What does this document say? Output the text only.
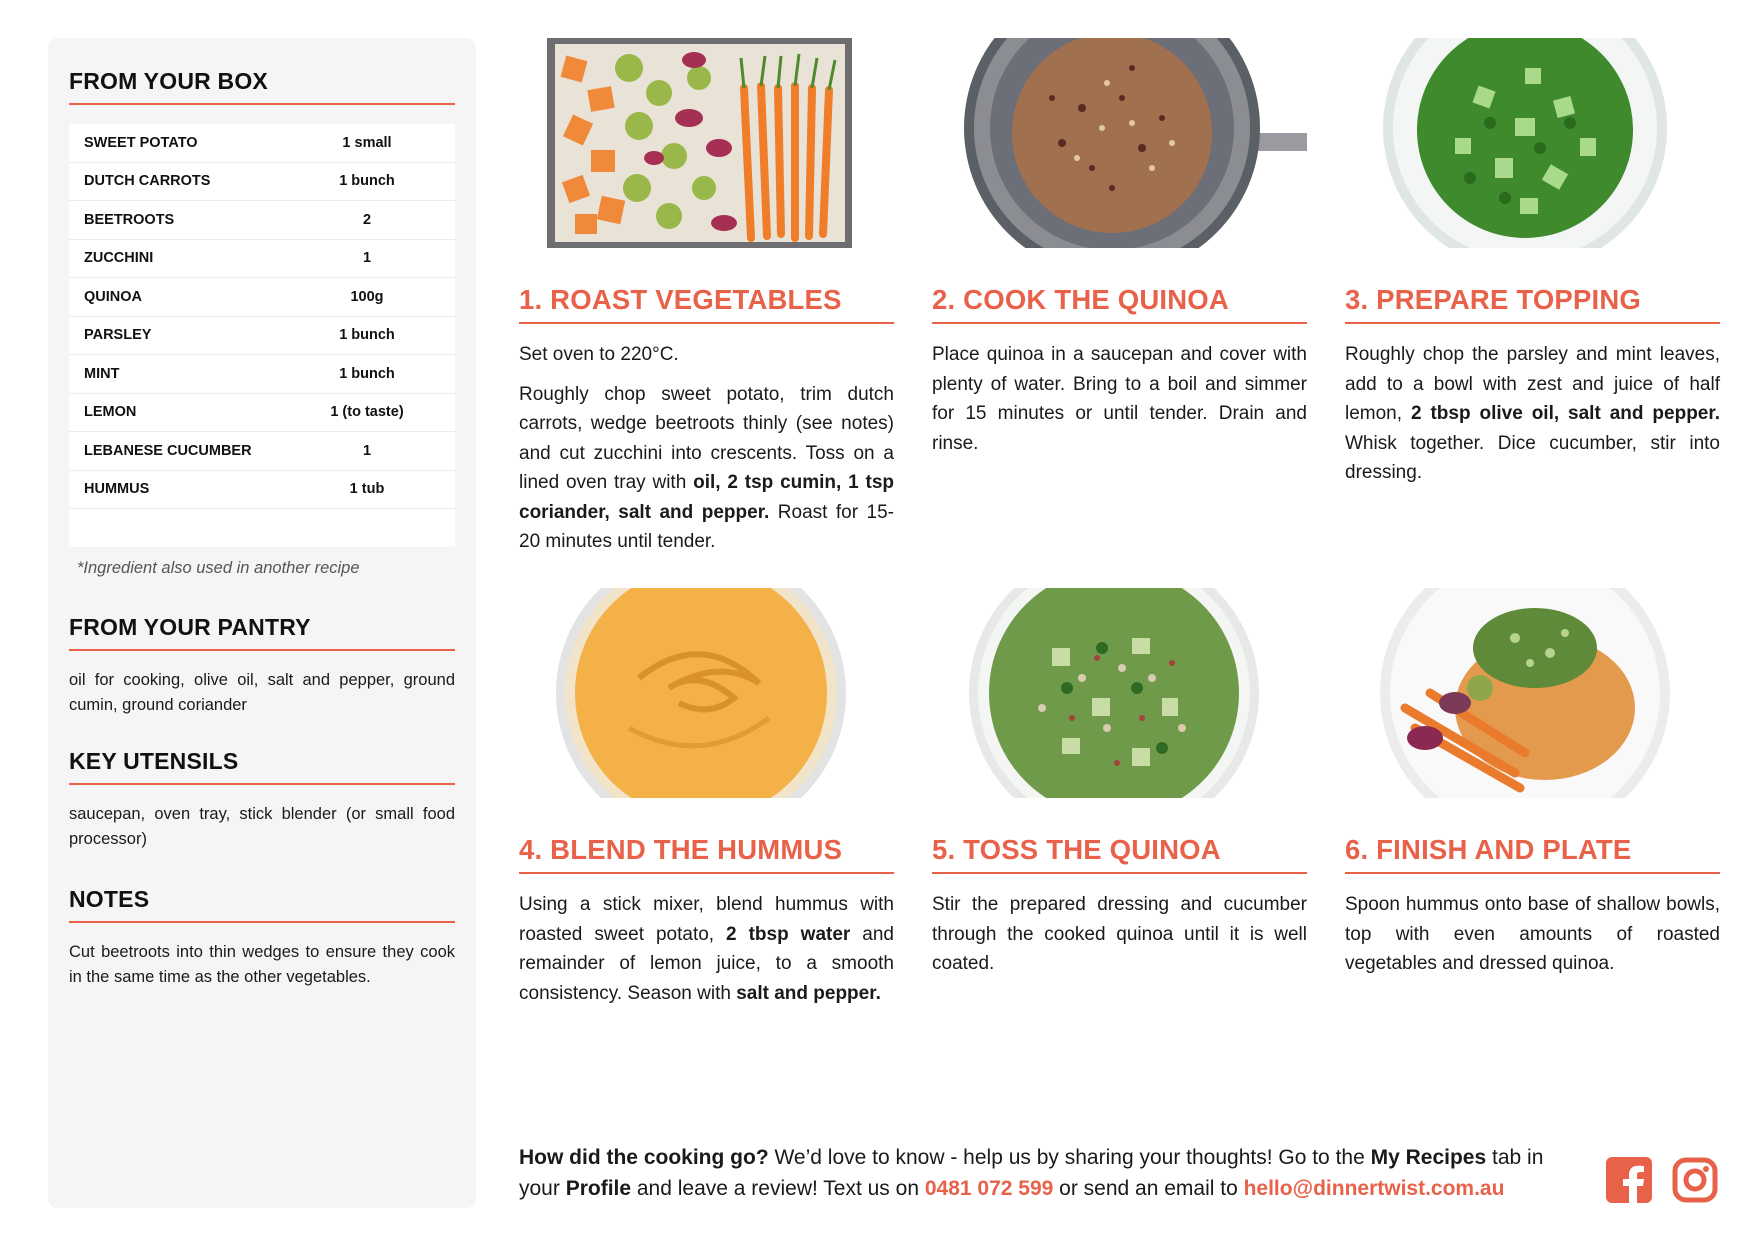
FROM YOUR BOX
SWEET POTATO	1 small
DUTCH CARROTS	1 bunch
BEETROOTS	2
ZUCCHINI	1
QUINOA	100g
PARSLEY	1 bunch
MINT	1 bunch
LEMON	1 (to taste)
LEBANESE CUCUMBER	1
HUMMUS	1 tub
*Ingredient also used in another recipe
FROM YOUR PANTRY
oil for cooking, olive oil, salt and pepper, ground cumin, ground coriander
KEY UTENSILS
saucepan, oven tray, stick blender (or small food processor)
NOTES
Cut beetroots into thin wedges to ensure they cook in the same time as the other vegetables.
1. ROAST VEGETABLES

Set oven to 220°C.

Roughly chop sweet potato, trim dutch carrots, wedge beetroots thinly (see notes) and cut zucchini into crescents. Toss on a lined oven tray with oil, 2 tsp cumin, 1 tsp coriander, salt and pepper. Roast for 15-20 minutes until tender.

2. COOK THE QUINOA

Place quinoa in a saucepan and cover with plenty of water. Bring to a boil and simmer for 15 minutes or until tender. Drain and rinse.

3. PREPARE TOPPING

Roughly chop the parsley and mint leaves, add to a bowl with zest and juice of half lemon, 2 tbsp olive oil, salt and pepper. Whisk together. Dice cucumber, stir into dressing.

4. BLEND THE HUMMUS

Using a stick mixer, blend hummus with roasted sweet potato, 2 tbsp water and remainder of lemon juice, to a smooth consistency. Season with salt and pepper.

5. TOSS THE QUINOA

Stir the prepared dressing and cucumber through the cooked quinoa until it is well coated.

6. FINISH AND PLATE

Spoon hummus onto base of shallow bowls, top with even amounts of roasted vegetables and dressed quinoa.

How did the cooking go? We’d love to know - help us by sharing your thoughts! Go to the My Recipes tab in your Profile and leave a review! Text us on 0481 072 599 or send an email to hello@dinnertwist.com.au
